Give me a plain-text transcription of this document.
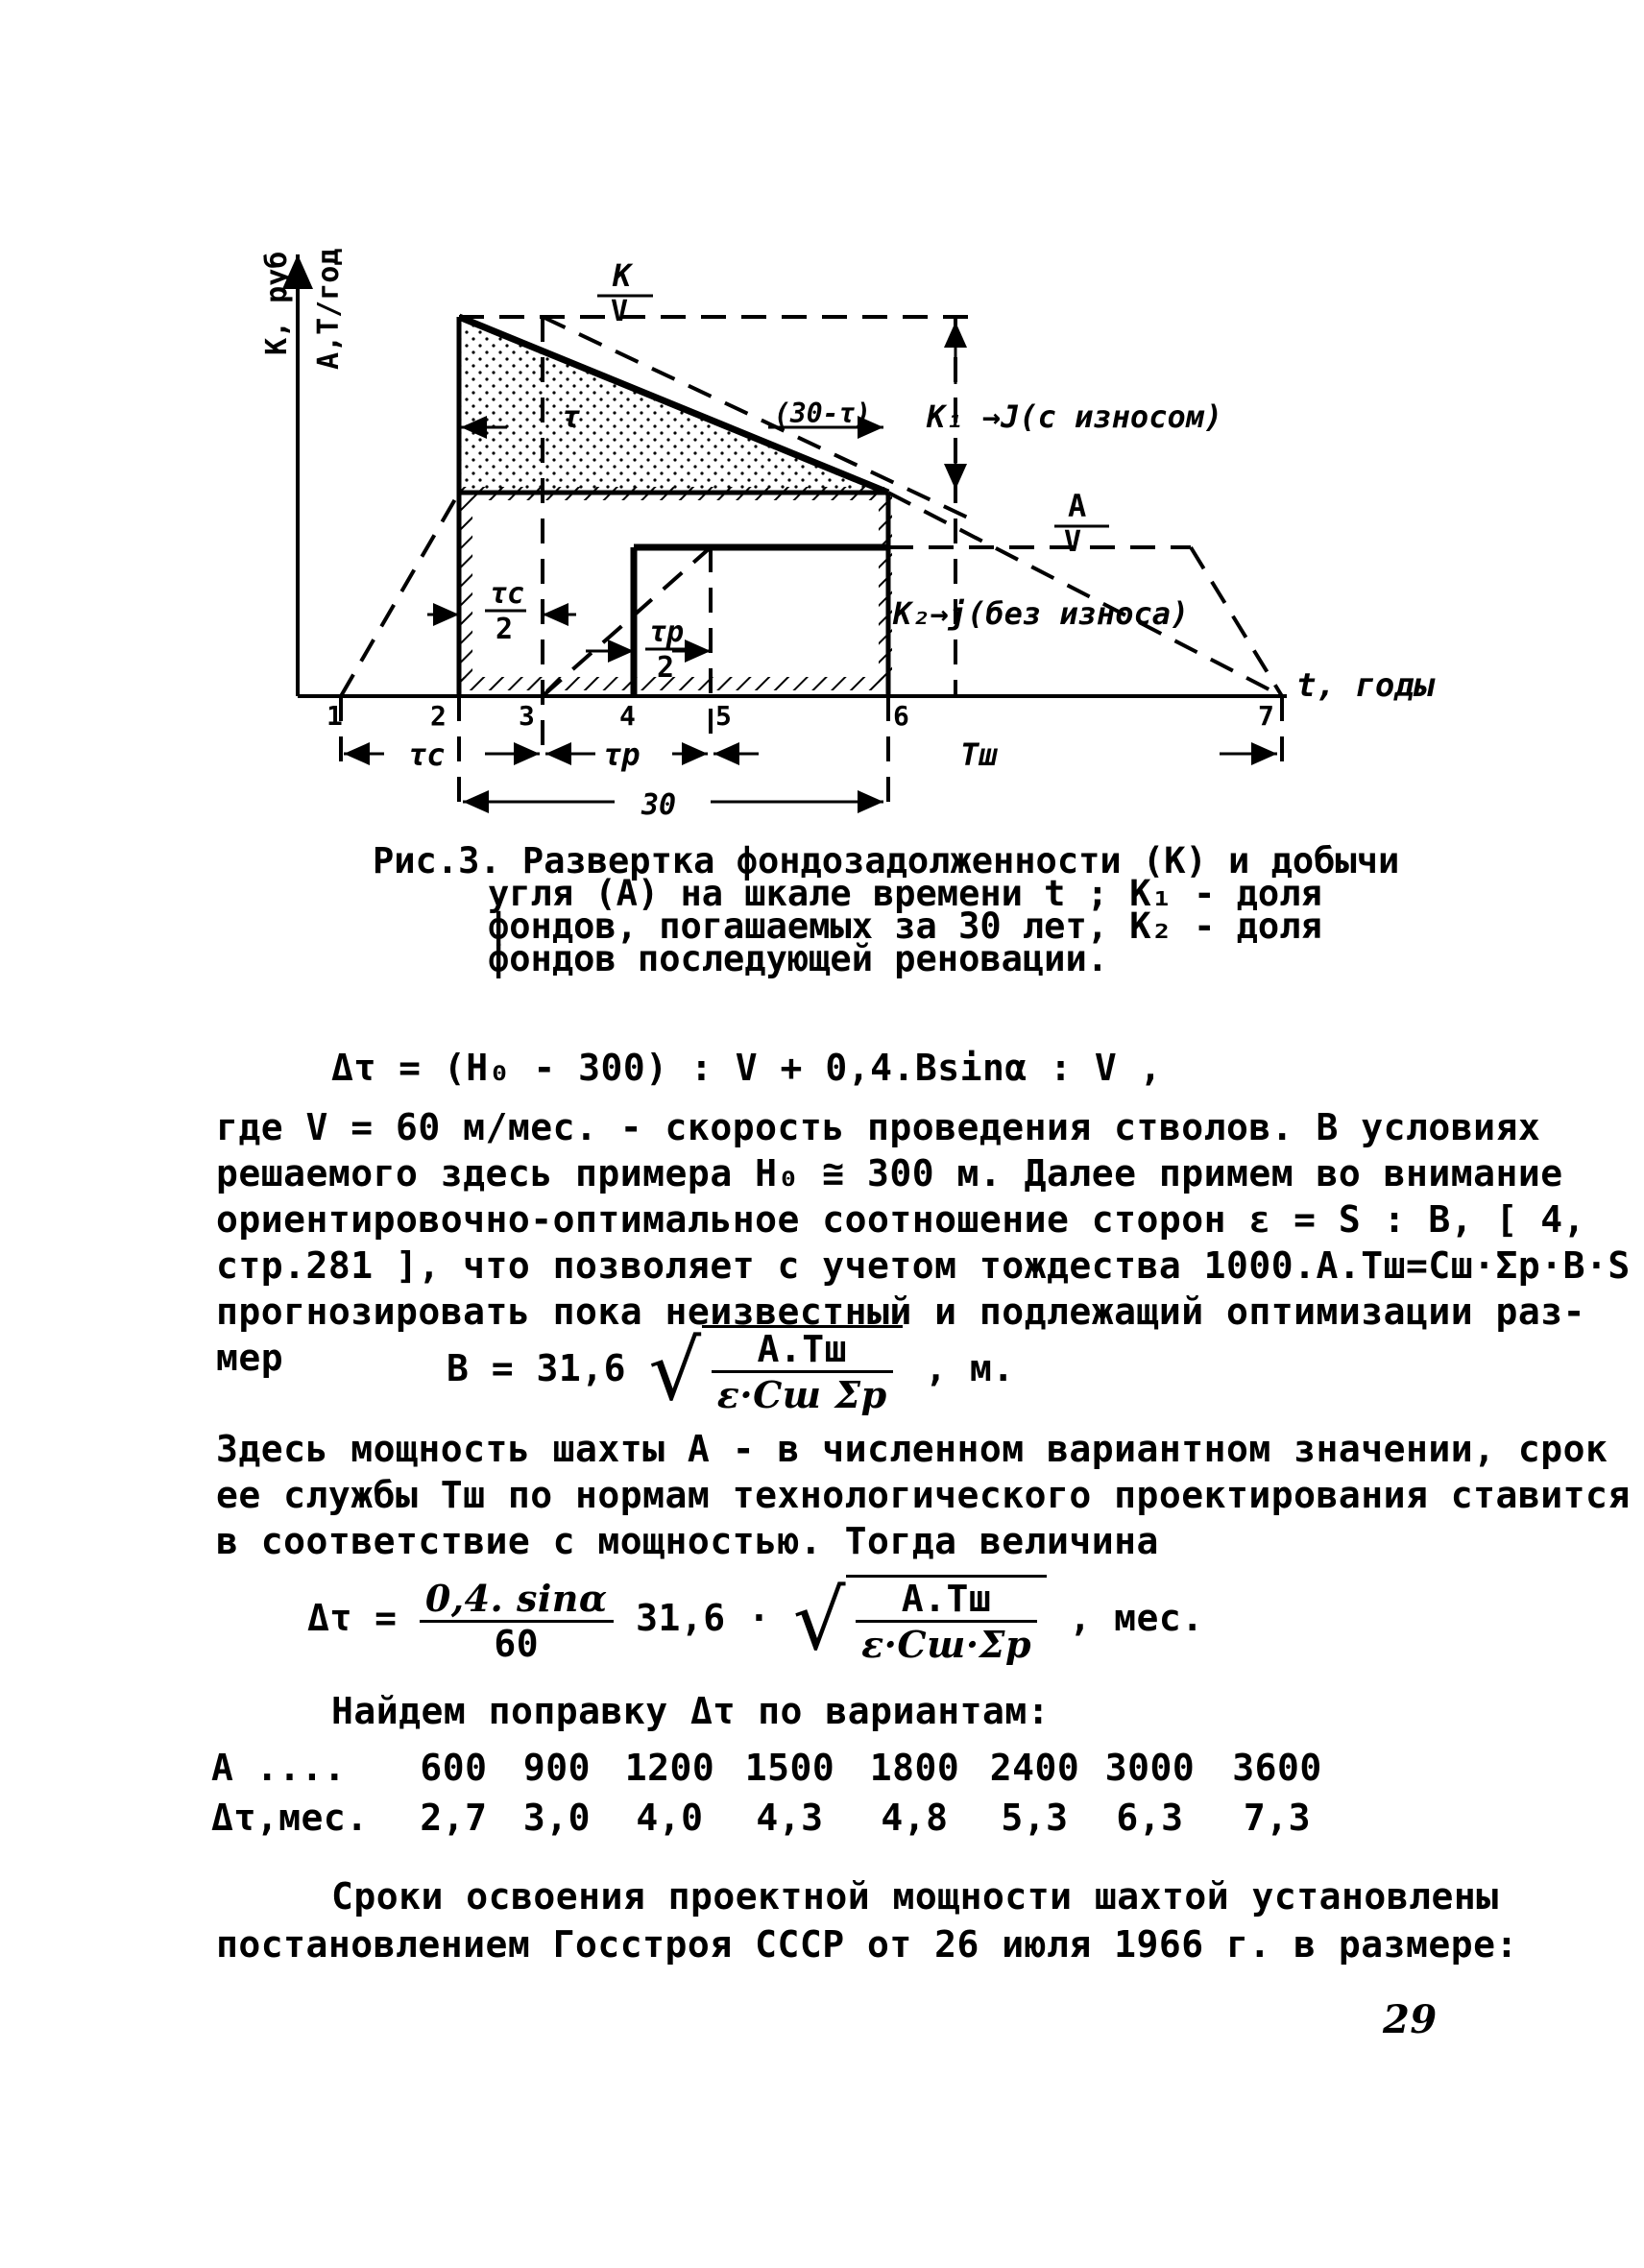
К, руб А,Т/год
t, годы
К
V
А
V
τ	(30-τ) К₁ →J(с износом)
К₂→j(без износа)
τc
2	τр
2
1	2	3	4	5	6	7
τc	τр	Tш
30
Рис.3. Развертка фондозадолженности (К) и добычи
угля (А) на шкале времени t ; К₁ - доля
фондов, погашаемых за 30 лет, К₂ - доля
фондов последующей реновации.
Δτ = (H₀ - 300) : V + 0,4.Bsinα : V ,
где V = 60 м/мес. - скорость проведения стволов. В условиях
решаемого здесь примера H₀ ≅ 300 м. Далее примем во внимание
ориентировочно-оптимальное соотношение сторон ε = S : B, [ 4,
стр.281 ], что позволяет с учетом тождества 1000.A.Tш=Cш·Σp·B·S
прогнозировать пока неизвестный и подлежащий оптимизации раз-
мер	B = 31,6 √ $\frac{A.Tш}{\text{ε·Cш Σp}}$ , м.
Здесь мощность шахты А - в численном вариантном значении, срок
ее службы Tш по нормам технологического проектирования ставится
в соответствие с мощностью. Тогда величина
$\Delta\tau = \frac{0,4. \sin\alpha}{60} 31,6$ · √ $\frac{A.Tш}{\varepsilon\cdot Cш\cdot\Sigma p}$ , мес.
Найдем поправку Δτ по вариантам:
А ....	600 900 1200 1500 1800 2400 3000	3600
Δτ,мес.	2,7 3,0	4,0	4,3	4,8	5,3	6,3	7,3
Сроки освоения проектной мощности шахтой установлены
постановлением Госстроя СССР от 26 июля 1966 г. в размере:
29
